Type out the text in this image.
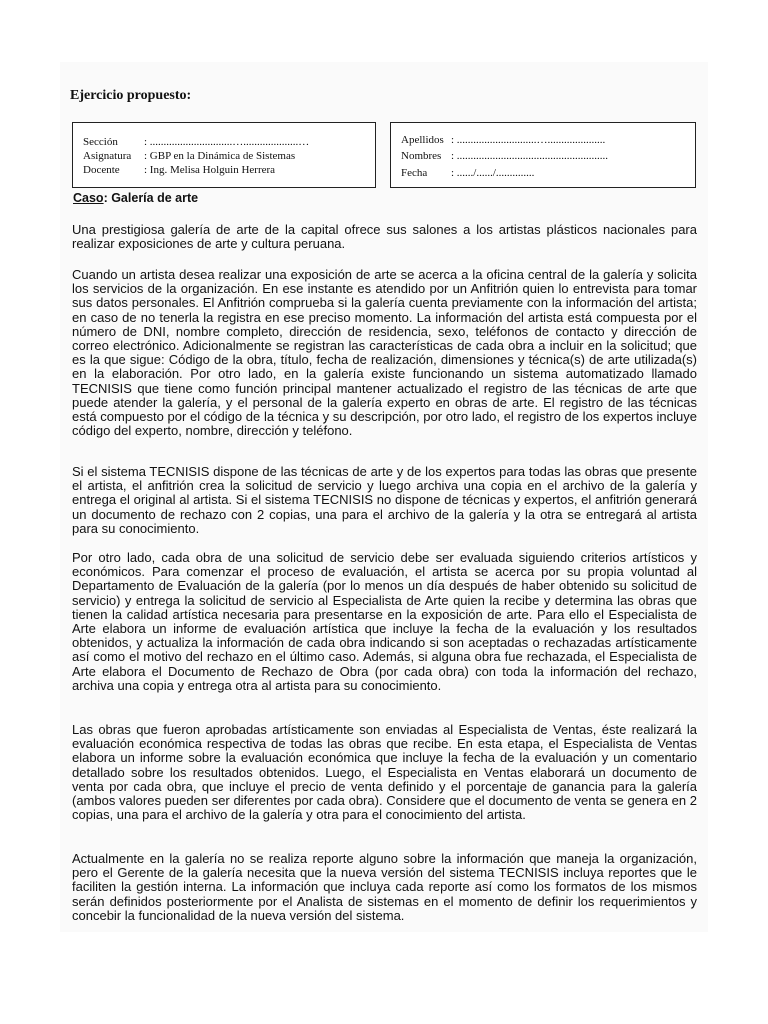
Ejercicio propuesto:
Sección : ..............................…....................…
Asignatura : GBP en la Dinámica de Sistemas
Docente : Ing. Melisa Holguin Herrera
Apellidos : .............................….....................
Nombres : .......................................................
Fecha : ....../....../..............
Caso: Galería de arte

Una prestigiosa galería de arte de la capital ofrece sus salones a los artistas plásticos nacionales para realizar exposiciones de arte y cultura peruana.

Cuando un artista desea realizar una exposición de arte se acerca a la oficina central de la galería y solicita los servicios de la organización. En ese instante es atendido por un Anfitrión quien lo entrevista para tomar sus datos personales. El Anfitrión comprueba si la galería cuenta previamente con la información del artista; en caso de no tenerla la registra en ese preciso momento. La información del artista está compuesta por el número de DNI, nombre completo, dirección de residencia, sexo, teléfonos de contacto y dirección de correo electrónico. Adicionalmente se registran las características de cada obra a incluir en la solicitud; que es la que sigue: Código de la obra, título, fecha de realización, dimensiones y técnica(s) de arte utilizada(s) en la elaboración. Por otro lado, en la galería existe funcionando un sistema automatizado llamado TECNISIS que tiene como función principal mantener actualizado el registro de las técnicas de arte que puede atender la galería, y el personal de la galería experto en obras de arte. El registro de las técnicas está compuesto por el código de la técnica y su descripción, por otro lado, el registro de los expertos incluye código del experto, nombre, dirección y teléfono.

Si el sistema TECNISIS dispone de las técnicas de arte y de los expertos para todas las obras que presente el artista, el anfitrión crea la solicitud de servicio y luego archiva una copia en el archivo de la galería y entrega el original al artista. Si el sistema TECNISIS no dispone de técnicas y expertos, el anfitrión generará un documento de rechazo con 2 copias, una para el archivo de la galería y la otra se entregará al artista para su conocimiento.

Por otro lado, cada obra de una solicitud de servicio debe ser evaluada siguiendo criterios artísticos y económicos. Para comenzar el proceso de evaluación, el artista se acerca por su propia voluntad al Departamento de Evaluación de la galería (por lo menos un día después de haber obtenido su solicitud de servicio) y entrega la solicitud de servicio al Especialista de Arte quien la recibe y determina las obras que tienen la calidad artística necesaria para presentarse en la exposición de arte. Para ello el Especialista de Arte elabora un informe de evaluación artística que incluye la fecha de la evaluación y los resultados obtenidos, y actualiza la información de cada obra indicando si son aceptadas o rechazadas artísticamente así como el motivo del rechazo en el último caso. Además, si alguna obra fue rechazada, el Especialista de Arte elabora el Documento de Rechazo de Obra (por cada obra) con toda la información del rechazo, archiva una copia y entrega otra al artista para su conocimiento.

Las obras que fueron aprobadas artísticamente son enviadas al Especialista de Ventas, éste realizará la evaluación económica respectiva de todas las obras que recibe. En esta etapa, el Especialista de Ventas elabora un informe sobre la evaluación económica que incluye la fecha de la evaluación y un comentario detallado sobre los resultados obtenidos. Luego, el Especialista en Ventas elaborará un documento de venta por cada obra, que incluye el precio de venta definido y el porcentaje de ganancia para la galería (ambos valores pueden ser diferentes por cada obra). Considere que el documento de venta se genera en 2 copias, una para el archivo de la galería y otra para el conocimiento del artista.

Actualmente en la galería no se realiza reporte alguno sobre la información que maneja la organización, pero el Gerente de la galería necesita que la nueva versión del sistema TECNISIS incluya reportes que le faciliten la gestión interna. La información que incluya cada reporte así como los formatos de los mismos serán definidos posteriormente por el Analista de sistemas en el momento de definir los requerimientos y concebir la funcionalidad de la nueva versión del sistema.
